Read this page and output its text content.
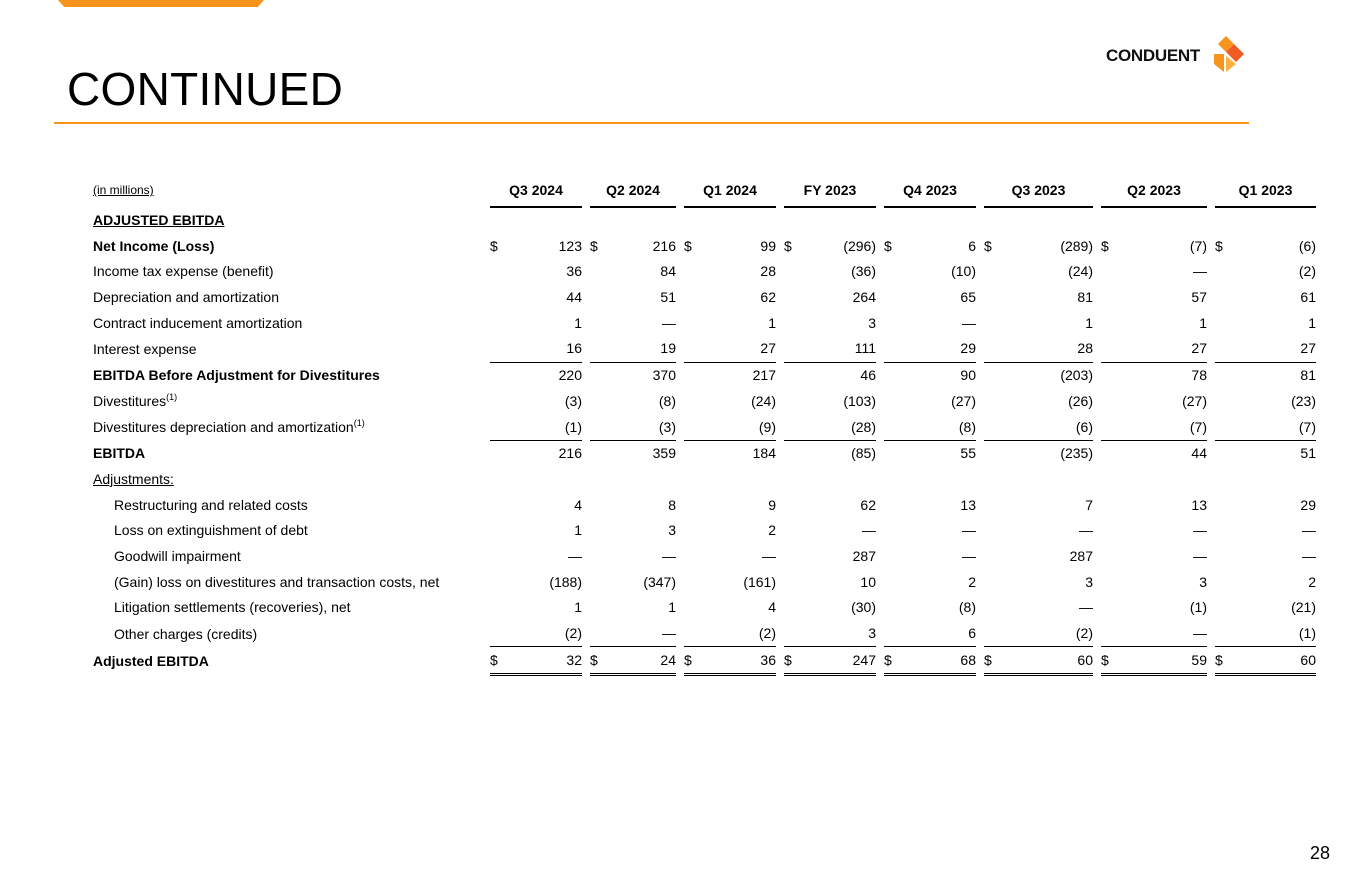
CONDUENT
CONTINUED
(in millions)		Q3 2024			Q2 2024			Q1 2024			FY 2023			Q4 2023			Q3 2023			Q2 2023			Q1 2023	
ADJUSTED EBITDA																								
Net Income (Loss)		$	123		$	216		$	99		$	(296)		$	6		$	(289)		$	(7)		$	(6)
Income tax expense (benefit)			36			84			28			(36)			(10)			(24)			—			(2)
Depreciation and amortization			44			51			62			264			65			81			57			61
Contract inducement amortization			1			—			1			3			—			1			1			1
Interest expense			16			19			27			111			29			28			27			27
EBITDA Before Adjustment for Divestitures			220			370			217			46			90			(203)			78			81
Divestitures$^{(1)}$			(3)			(8)			(24)			(103)			(27)			(26)			(27)			(23)
Divestitures depreciation and amortization$^{(1)}$			(1)			(3)			(9)			(28)			(8)			(6)			(7)			(7)
EBITDA			216			359			184			(85)			55			(235)			44			51
Adjustments:																								
Restructuring and related costs			4			8			9			62			13			7			13			29
Loss on extinguishment of debt			1			3			2			—			—			—			—			—
Goodwill impairment			—			—			—			287			—			287			—			—
(Gain) loss on divestitures and transaction costs, net			(188)			(347)			(161)			10			2			3			3			2
Litigation settlements (recoveries), net			1			1			4			(30)			(8)			—			(1)			(21)
Other charges (credits)			(2)			—			(2)			3			6			(2)			—			(1)
Adjusted EBITDA		$	32		$	24		$	36		$	247		$	68		$	60		$	59		$	60
28
